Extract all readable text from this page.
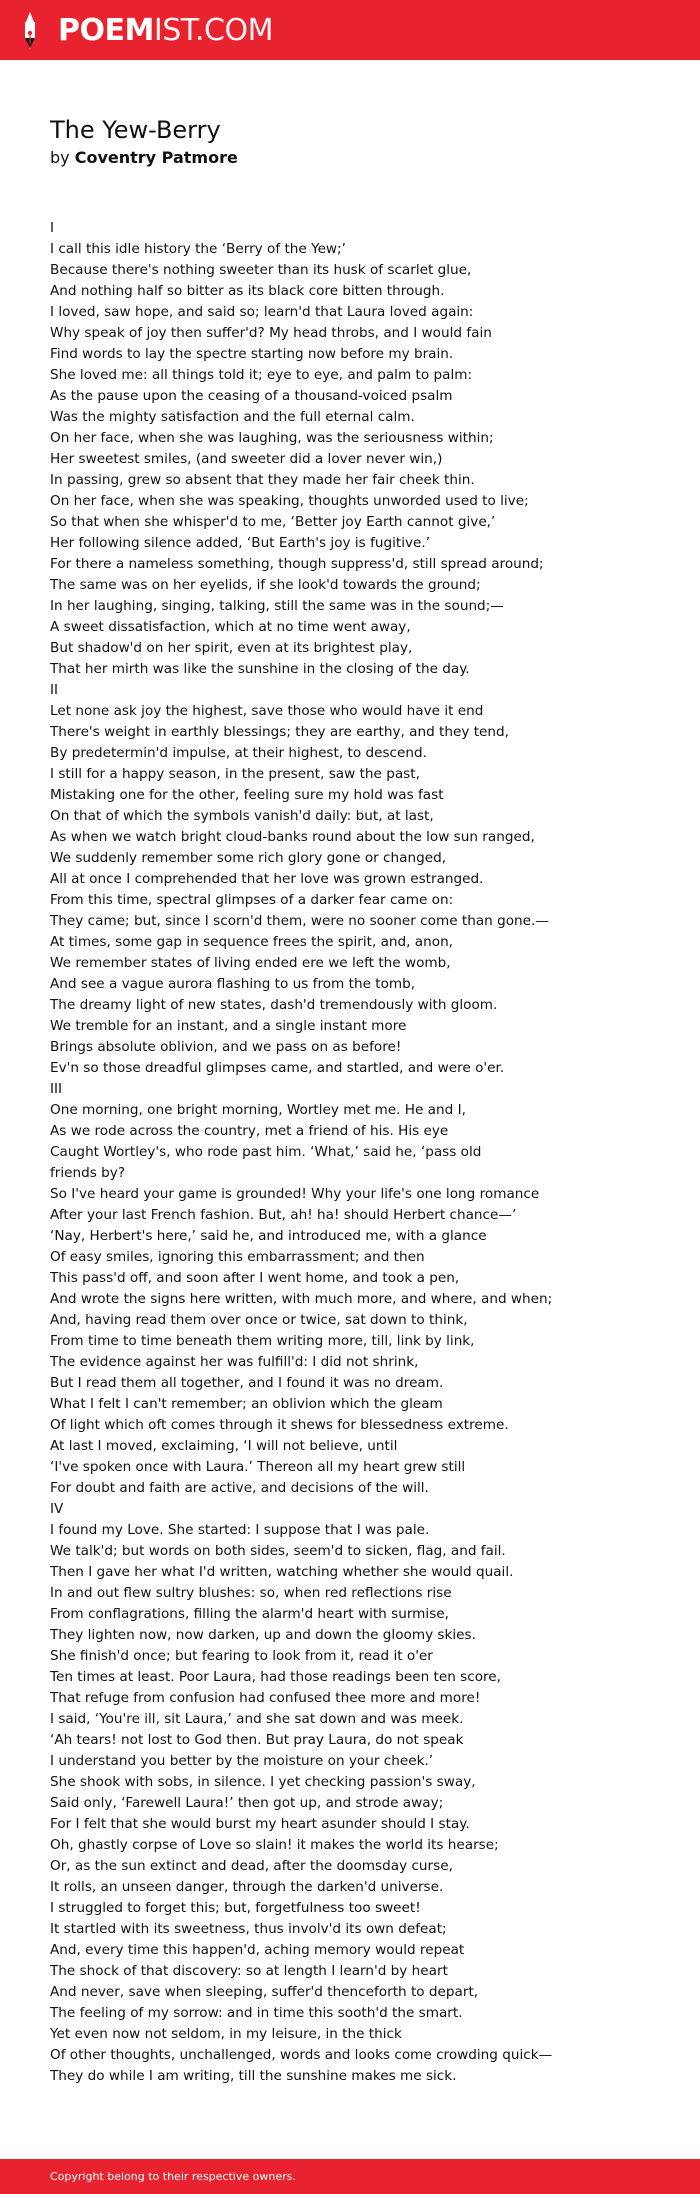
POEMIST.COM
The Yew-Berry
by Coventry Patmore
I
I call this idle history the ‘Berry of the Yew;’
Because there's nothing sweeter than its husk of scarlet glue,
And nothing half so bitter as its black core bitten through.
I loved, saw hope, and said so; learn'd that Laura loved again:
Why speak of joy then suffer'd? My head throbs, and I would fain
Find words to lay the spectre starting now before my brain.
She loved me: all things told it; eye to eye, and palm to palm:
As the pause upon the ceasing of a thousand-voiced psalm
Was the mighty satisfaction and the full eternal calm.
On her face, when she was laughing, was the seriousness within;
Her sweetest smiles, (and sweeter did a lover never win,)
In passing, grew so absent that they made her fair cheek thin.
On her face, when she was speaking, thoughts unworded used to live;
So that when she whisper'd to me, ‘Better joy Earth cannot give,’
Her following silence added, ‘But Earth's joy is fugitive.’
For there a nameless something, though suppress'd, still spread around;
The same was on her eyelids, if she look'd towards the ground;
In her laughing, singing, talking, still the same was in the sound;—
A sweet dissatisfaction, which at no time went away,
But shadow'd on her spirit, even at its brightest play,
That her mirth was like the sunshine in the closing of the day.
II
Let none ask joy the highest, save those who would have it end
There's weight in earthly blessings; they are earthy, and they tend,
By predetermin'd impulse, at their highest, to descend.
I still for a happy season, in the present, saw the past,
Mistaking one for the other, feeling sure my hold was fast
On that of which the symbols vanish'd daily: but, at last,
As when we watch bright cloud-banks round about the low sun ranged,
We suddenly remember some rich glory gone or changed,
All at once I comprehended that her love was grown estranged.
From this time, spectral glimpses of a darker fear came on:
They came; but, since I scorn'd them, were no sooner come than gone.—
At times, some gap in sequence frees the spirit, and, anon,
We remember states of living ended ere we left the womb,
And see a vague aurora flashing to us from the tomb,
The dreamy light of new states, dash'd tremendously with gloom.
We tremble for an instant, and a single instant more
Brings absolute oblivion, and we pass on as before!
Ev'n so those dreadful glimpses came, and startled, and were o'er.
III
One morning, one bright morning, Wortley met me. He and I,
As we rode across the country, met a friend of his. His eye
Caught Wortley's, who rode past him. ‘What,’ said he, ‘pass old
friends by?
So I've heard your game is grounded! Why your life's one long romance
After your last French fashion. But, ah! ha! should Herbert chance—’
‘Nay, Herbert's here,’ said he, and introduced me, with a glance
Of easy smiles, ignoring this embarrassment; and then
This pass'd off, and soon after I went home, and took a pen,
And wrote the signs here written, with much more, and where, and when;
And, having read them over once or twice, sat down to think,
From time to time beneath them writing more, till, link by link,
The evidence against her was fulfill'd: I did not shrink,
But I read them all together, and I found it was no dream.
What I felt I can't remember; an oblivion which the gleam
Of light which oft comes through it shews for blessedness extreme.
At last I moved, exclaiming, ‘I will not believe, until
‘I've spoken once with Laura.’ Thereon all my heart grew still
For doubt and faith are active, and decisions of the will.
IV
I found my Love. She started: I suppose that I was pale.
We talk'd; but words on both sides, seem'd to sicken, flag, and fail.
Then I gave her what I'd written, watching whether she would quail.
In and out flew sultry blushes: so, when red reflections rise
From conflagrations, filling the alarm'd heart with surmise,
They lighten now, now darken, up and down the gloomy skies.
She finish'd once; but fearing to look from it, read it o'er
Ten times at least. Poor Laura, had those readings been ten score,
That refuge from confusion had confused thee more and more!
I said, ‘You're ill, sit Laura,’ and she sat down and was meek.
‘Ah tears! not lost to God then. But pray Laura, do not speak
I understand you better by the moisture on your cheek.’
She shook with sobs, in silence. I yet checking passion's sway,
Said only, ‘Farewell Laura!’ then got up, and strode away;
For I felt that she would burst my heart asunder should I stay.
Oh, ghastly corpse of Love so slain! it makes the world its hearse;
Or, as the sun extinct and dead, after the doomsday curse,
It rolls, an unseen danger, through the darken'd universe.
I struggled to forget this; but, forgetfulness too sweet!
It startled with its sweetness, thus involv'd its own defeat;
And, every time this happen'd, aching memory would repeat
The shock of that discovery: so at length I learn'd by heart
And never, save when sleeping, suffer'd thenceforth to depart,
The feeling of my sorrow: and in time this sooth'd the smart.
Yet even now not seldom, in my leisure, in the thick
Of other thoughts, unchallenged, words and looks come crowding quick—
They do while I am writing, till the sunshine makes me sick.
Copyright belong to their respective owners.
